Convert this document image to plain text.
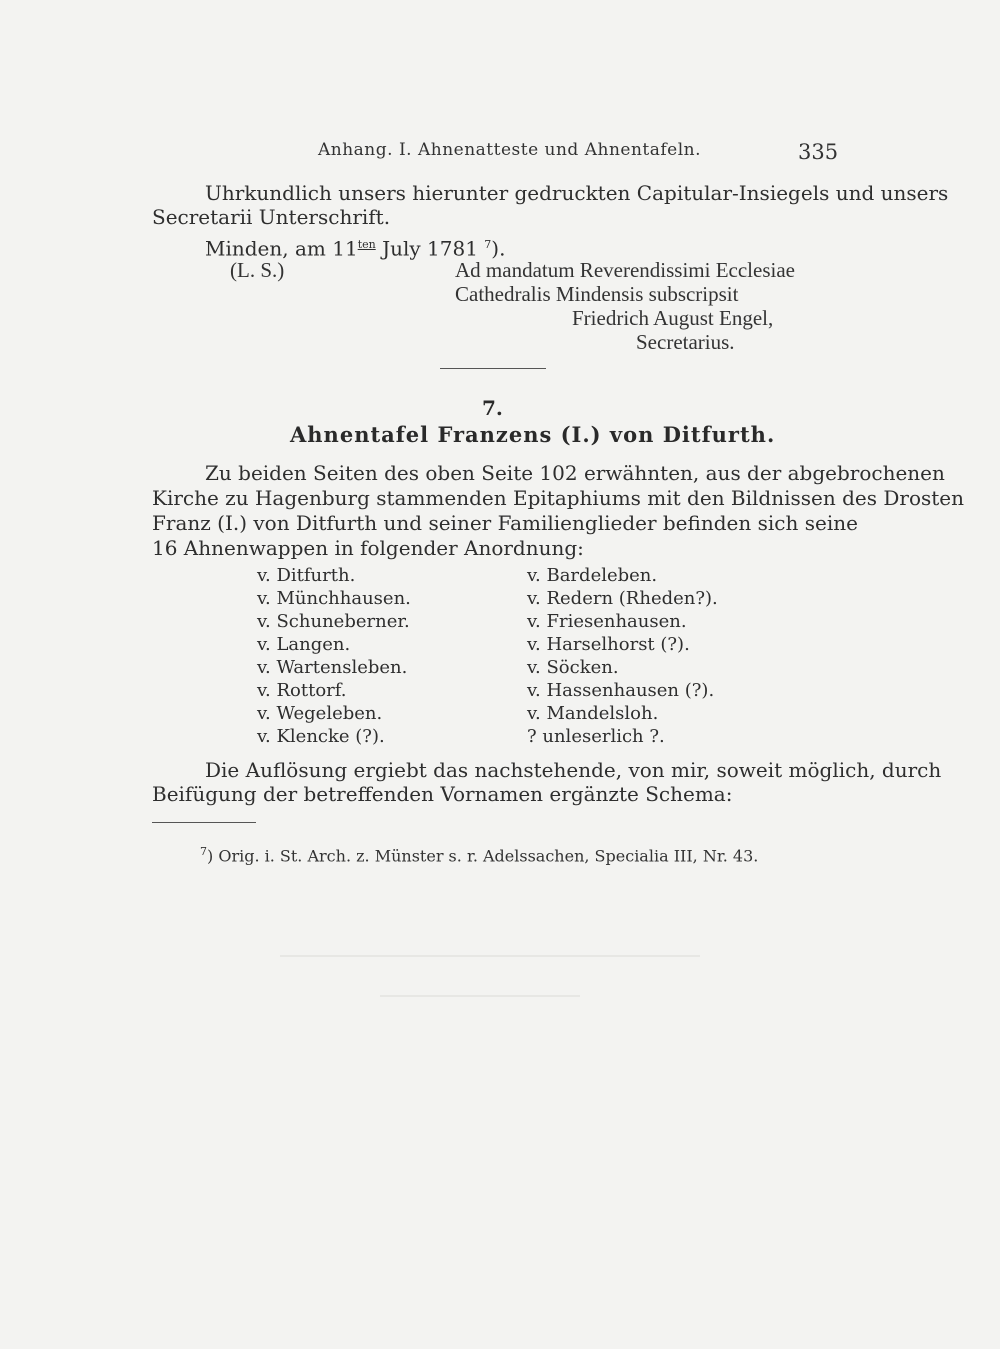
Anhang. I. Ahnenatteste und Ahnentafeln.	335
Uhrkundlich unsers hierunter gedruckten Capitular-Insiegels und unsers
Secretarii Unterschrift.
Minden, am $11^{ten}$ July 1781 $^7$).
(L. S.)	Ad mandatum Reverendissimi Ecclesiae
Cathedralis Mindensis subscripsit
Friedrich August Engel,
Secretarius.
7.
Ahnentafel Franzens (I.) von Ditfurth.
Zu beiden Seiten des oben Seite 102 erwähnten, aus der abgebrochenen
Kirche zu Hagenburg stammenden Epitaphiums mit den Bildnissen des Drosten
Franz (I.) von Ditfurth und seiner Familienglieder befinden sich seine
16 Ahnenwappen in folgender Anordnung:
v. Ditfurth.
v. Münchhausen.
v. Schuneberner.
v. Langen.
v. Wartensleben.
v. Rottorf.
v. Wegeleben.
v. Klencke (?).
v. Bardeleben.
v. Redern (Rheden?).
v. Friesenhausen.
v. Harselhorst (?).
v. Söcken.
v. Hassenhausen (?).
v. Mandelsloh.
? unleserlich ?.
Die Auflösung ergiebt das nachstehende, von mir, soweit möglich, durch
Beifügung der betreffenden Vornamen ergänzte Schema:
$^7$) Orig. i. St. Arch. z. Münster s. r. Adelssachen, Specialia III, Nr. 43.
